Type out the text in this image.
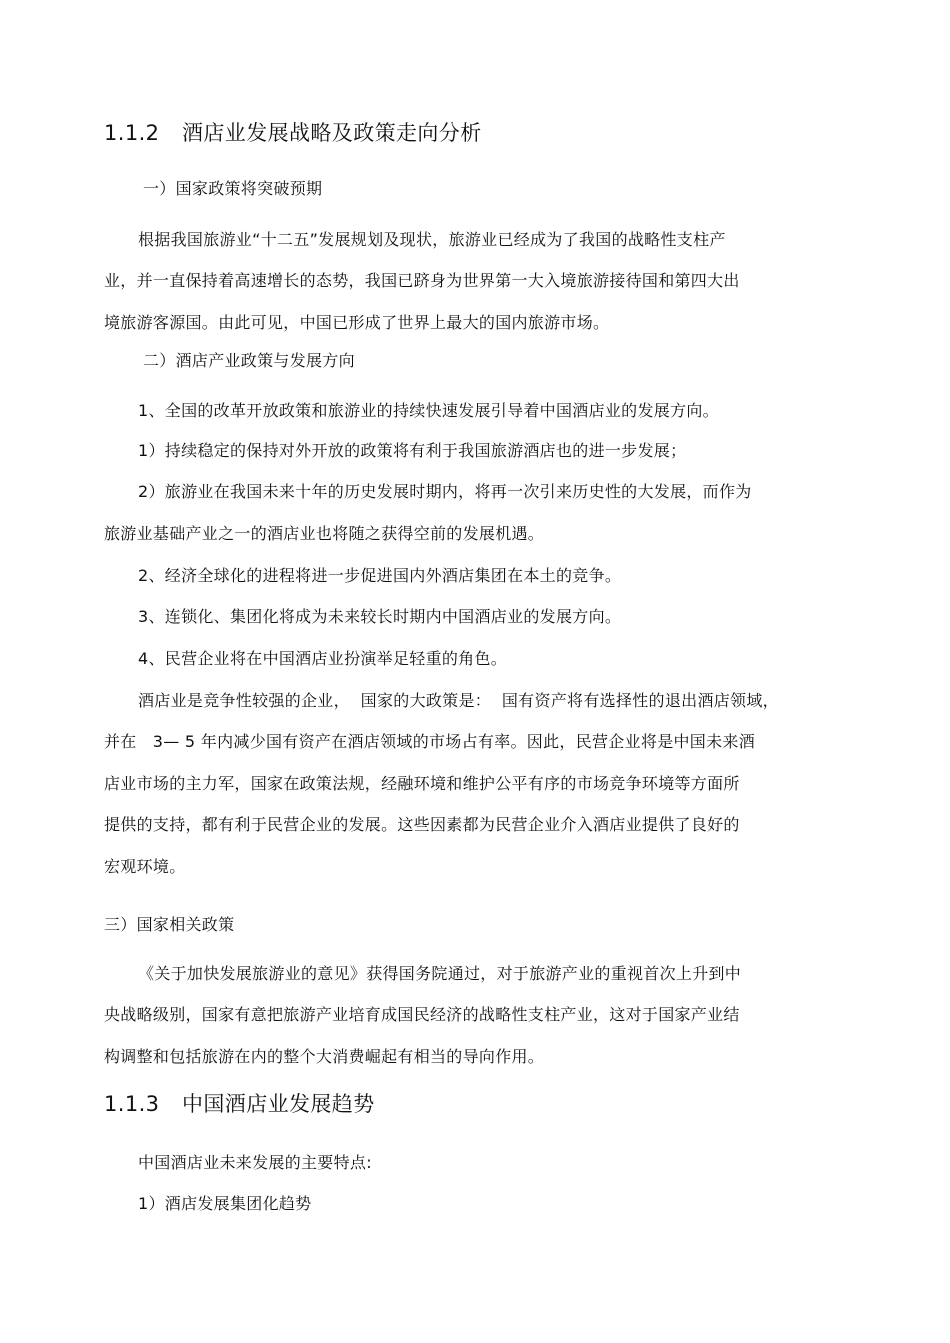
1.1.2 酒店业发展战略及政策走向分析
一）国家政策将突破预期
根据我国旅游业“十二五”发展规划及现状，旅游业已经成为了我国的战略性支柱产
业，并一直保持着高速增长的态势，我国已跻身为世界第一大入境旅游接待国和第四大出
境旅游客源国。由此可见，中国已形成了世界上最大的国内旅游市场。
二）酒店产业政策与发展方向
1、全国的改革开放政策和旅游业的持续快速发展引导着中国酒店业的发展方向。
1）持续稳定的保持对外开放的政策将有利于我国旅游酒店也的进一步发展；
2）旅游业在我国未来十年的历史发展时期内，将再一次引来历史性的大发展，而作为
旅游业基础产业之一的酒店业也将随之获得空前的发展机遇。
2、经济全球化的进程将进一步促进国内外酒店集团在本土的竞争。
3、连锁化、集团化将成为未来较长时期内中国酒店业的发展方向。
4、民营企业将在中国酒店业扮演举足轻重的角色。
酒店业是竞争性较强的企业，  国家的大政策是：  国有资产将有选择性的退出酒店领域，
并在   3— 5 年内减少国有资产在酒店领域的市场占有率。因此，民营企业将是中国未来酒
店业市场的主力军，国家在政策法规，经融环境和维护公平有序的市场竞争环境等方面所
提供的支持，都有利于民营企业的发展。这些因素都为民营企业介入酒店业提供了良好的
宏观环境。
三）国家相关政策
《关于加快发展旅游业的意见》获得国务院通过，对于旅游产业的重视首次上升到中
央战略级别，国家有意把旅游产业培育成国民经济的战略性支柱产业，这对于国家产业结
构调整和包括旅游在内的整个大消费崛起有相当的导向作用。
1.1.3 中国酒店业发展趋势
中国酒店业未来发展的主要特点:
1）酒店发展集团化趋势
